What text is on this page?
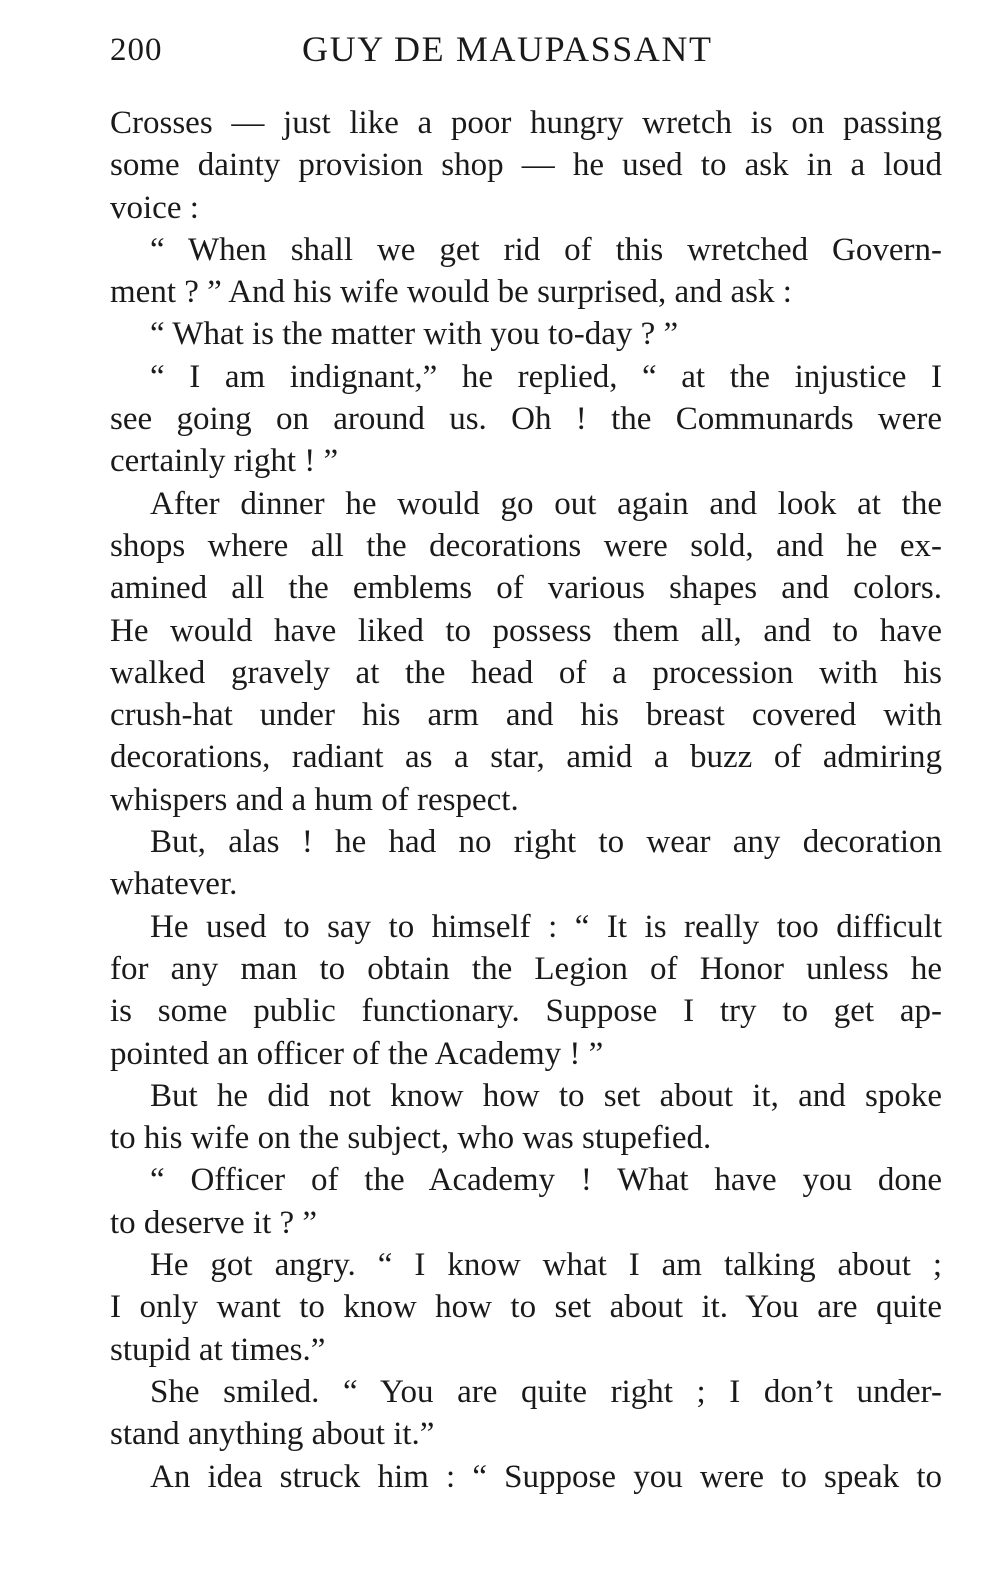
200	GUY DE MAUPASSANT
Crosses — just like a poor hungry wretch is on passing
some dainty provision shop — he used to ask in a loud
voice :
“ When shall we get rid of this wretched Govern-
ment ? ” And his wife would be surprised, and ask :
“ What is the matter with you to-day ? ”
“ I am indignant,” he replied, “ at the injustice I
see going on around us. Oh ! the Communards were
certainly right ! ”
After dinner he would go out again and look at the
shops where all the decorations were sold, and he ex-
amined all the emblems of various shapes and colors.
He would have liked to possess them all, and to have
walked gravely at the head of a procession with his
crush-hat under his arm and his breast covered with
decorations, radiant as a star, amid a buzz of admiring
whispers and a hum of respect.
But, alas ! he had no right to wear any decoration
whatever.
He used to say to himself : “ It is really too difficult
for any man to obtain the Legion of Honor unless he
is some public functionary. Suppose I try to get ap-
pointed an officer of the Academy ! ”
But he did not know how to set about it, and spoke
to his wife on the subject, who was stupefied.
“ Officer of the Academy ! What have you done
to deserve it ? ”
He got angry. “ I know what I am talking about ;
I only want to know how to set about it. You are quite
stupid at times.”
She smiled. “ You are quite right ; I don’t under-
stand anything about it.”
An idea struck him : “ Suppose you were to speak to
